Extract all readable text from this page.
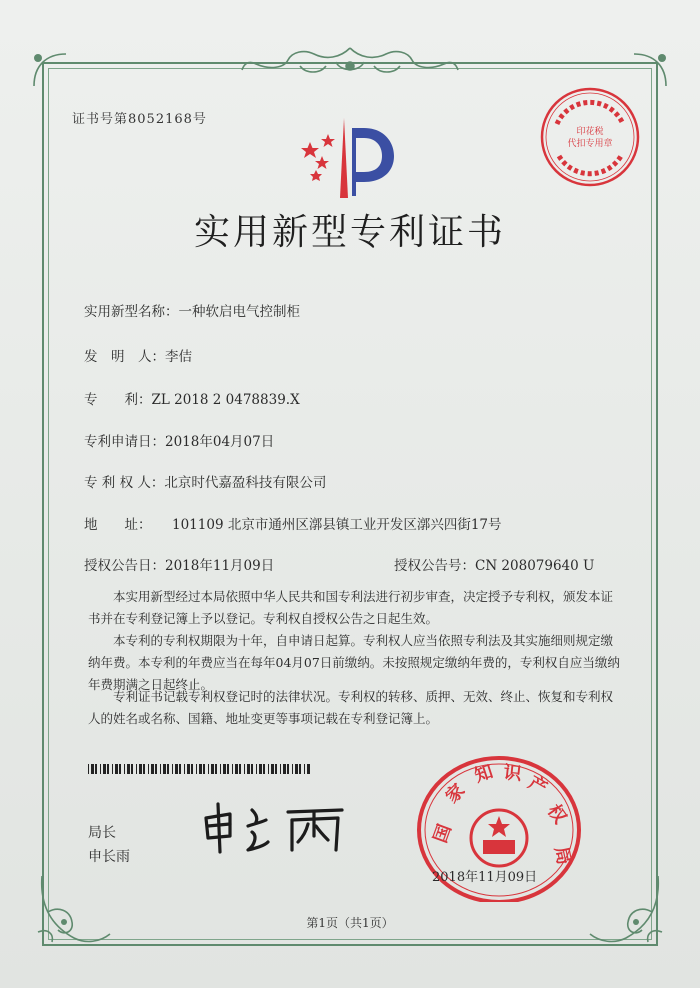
证书号第8052168号
实用新型专利证书
实用新型名称：一种软启电气控制柜
发　明　人：李佶
专　　利：ZL 2018 2 0478839.X
专利申请日：2018年04月07日
专 利 权 人：北京时代嘉盈科技有限公司
地　　址： 101109 北京市通州区漷县镇工业开发区漷兴四街17号
授权公告日：2018年11月09日	授权公告号：CN 208079640 U

本实用新型经过本局依照中华人民共和国专利法进行初步审查，决定授予专利权，颁发本证书并在专利登记簿上予以登记。专利权自授权公告之日起生效。

本专利的专利权期限为十年，自申请日起算。专利权人应当依照专利法及其实施细则规定缴纳年费。本专利的年费应当在每年04月07日前缴纳。未按照规定缴纳年费的，专利权自应当缴纳年费期满之日起终止。

专利证书记载专利权登记时的法律状况。专利权的转移、质押、无效、终止、恢复和专利权人的姓名或名称、国籍、地址变更等事项记载在专利登记簿上。

局长
申长雨
印花税
代扣专用章
国
家
知 识 产
权
局
2018年11月09日
第1页（共1页）
